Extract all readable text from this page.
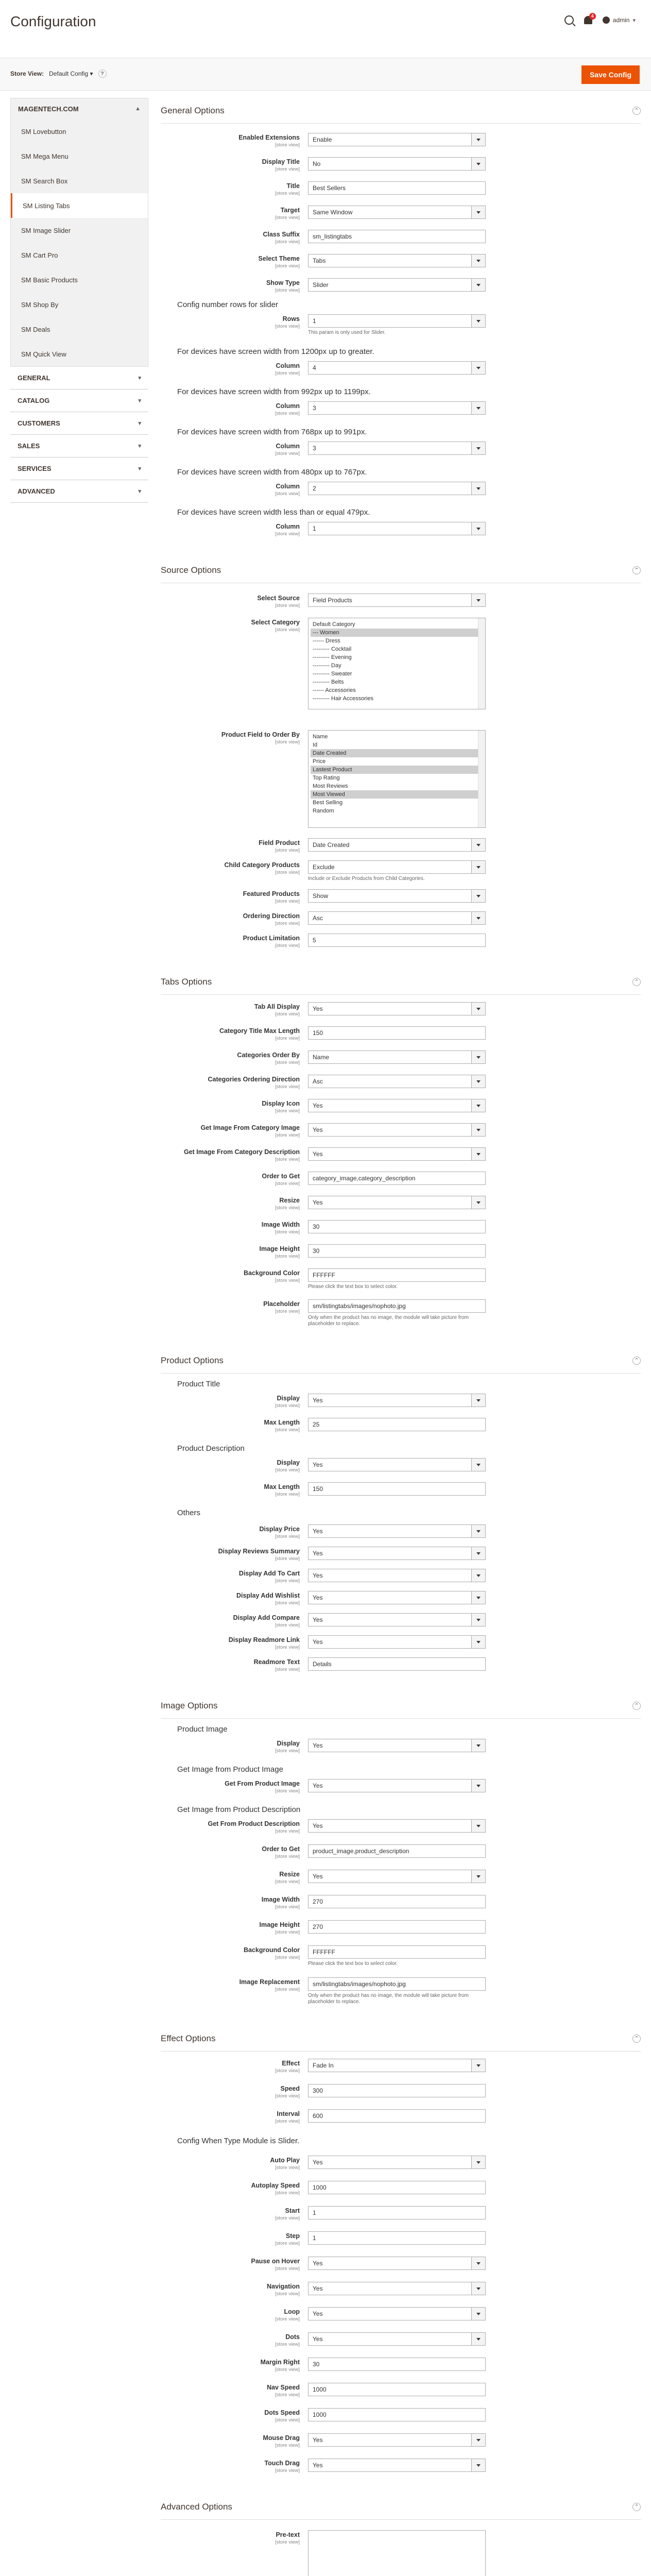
Configuration	4
admin ▾
Store View: Default Config ▾	?	Save Config
MAGENTECH.COM	▲
SM Lovebutton
SM Mega Menu
SM Search Box
SM Listing Tabs
SM Image Slider
SM Cart Pro
SM Basic Products
SM Shop By
SM Deals
SM Quick View
GENERAL	▾
CATALOG	▾
CUSTOMERS	▾
SALES	▾
SERVICES	▾
ADVANCED	▾
General Options	⌃
Enabled Extensions
[store view]
Enable
Display Title
[store view]
No
Title
[store view]
Best Sellers
Target
[store view]
Same Window
Class Suffix
[store view]
sm_listingtabs
Select Theme
[store view]
Tabs
Show Type
[store view]
Slider
Config number rows for slider
Rows
[store view]
1
This param is only used for Slider.
For devices have screen width from 1200px up to greater.
Column
[store view]
4
For devices have screen width from 992px up to 1199px.
Column
[store view]
3
For devices have screen width from 768px up to 991px.
Column
[store view]
3
For devices have screen width from 480px up to 767px.
Column
[store view]
2
For devices have screen width less than or equal 479px.
Column
[store view]
1
Source Options	⌃
Select Source
[store view]
Field Products
Select Category
[store view]
Default Category
--- Women
------ Dress
--------- Cocktail
--------- Evening
--------- Day
--------- Sweater
--------- Belts
------ Accessories
--------- Hair Accessories
Product Field to Order By
[store view]
Name
Id
Date Created
Price
Lastest Product
Top Rating
Most Reviews
Most Viewed
Best Selling
Random
Field Product
[store view]
Date Created
Child Category Products
[store view]
Exclude
Include or Exclude Products from Child Categories.
Featured Products
[store view]
Show
Ordering Direction
[store view]
Asc
Product Limitation
[store view]
5
Tabs Options	⌃
Tab All Display
[store view]
Yes
Category Title Max Length
[store view]
150
Categories Order By
[store view]
Name
Categories Ordering Direction
[store view]
Asc
Display Icon
[store view]
Yes
Get Image From Category Image
[store view]
Yes
Get Image From Category Description
[store view]
Yes
Order to Get
[store view]
category_image,category_description
Resize
[store view]
Yes
Image Width
[store view]
30
Image Height
[store view]
30
Background Color
[store view]
FFFFFF
Please click the text box to select color.
Placeholder
[store view]
sm/listingtabs/images/nophoto.jpg
Only when the product has no image, the module will take picture from placeholder to replace.
Product Options	⌃
Product Title
Display
[store view]
Yes
Max Length
[store view]
25
Product Description
Display
[store view]
Yes
Max Length
[store view]
150
Others
Display Price
[store view]
Yes
Display Reviews Summary
[store view]
Yes
Display Add To Cart
[store view]
Yes
Display Add Wishlist
[store view]
Yes
Display Add Compare
[store view]
Yes
Display Readmore Link
[store view]
Yes
Readmore Text
[store view]
Details
Image Options	⌃
Product Image
Display
[store view]
Yes
Get Image from Product Image
Get From Product Image
[store view]
Yes
Get Image from Product Description
Get From Product Description
[store view]
Yes
Order to Get
[store view]
product_image,product_description
Resize
[store view]
Yes
Image Width
[store view]
270
Image Height
[store view]
270
Background Color
[store view]
FFFFFF
Please click the text box to select color.
Image Replacement
[store view]
sm/listingtabs/images/nophoto.jpg
Only when the product has no image, the module will take picture from placeholder to replace.
Effect Options	⌃
Effect
[store view]
Fade In
Speed
[store view]
300
Interval
[store view]
600
Config When Type Module is Slider.
Auto Play
[store view]
Yes
Autoplay Speed
[store view]
1000
Start
[store view]
1
Step
[store view]
1
Pause on Hover
[store view]
Yes
Navigation
[store view]
Yes
Loop
[store view]
Yes
Dots
[store view]
Yes
Margin Right
[store view]
30
Nav Speed
[store view]
1000
Dots Speed
[store view]
1000
Mouse Drag
[store view]
Yes
Touch Drag
[store view]
Yes
Advanced Options	⌃
Pre-text
[store view]
